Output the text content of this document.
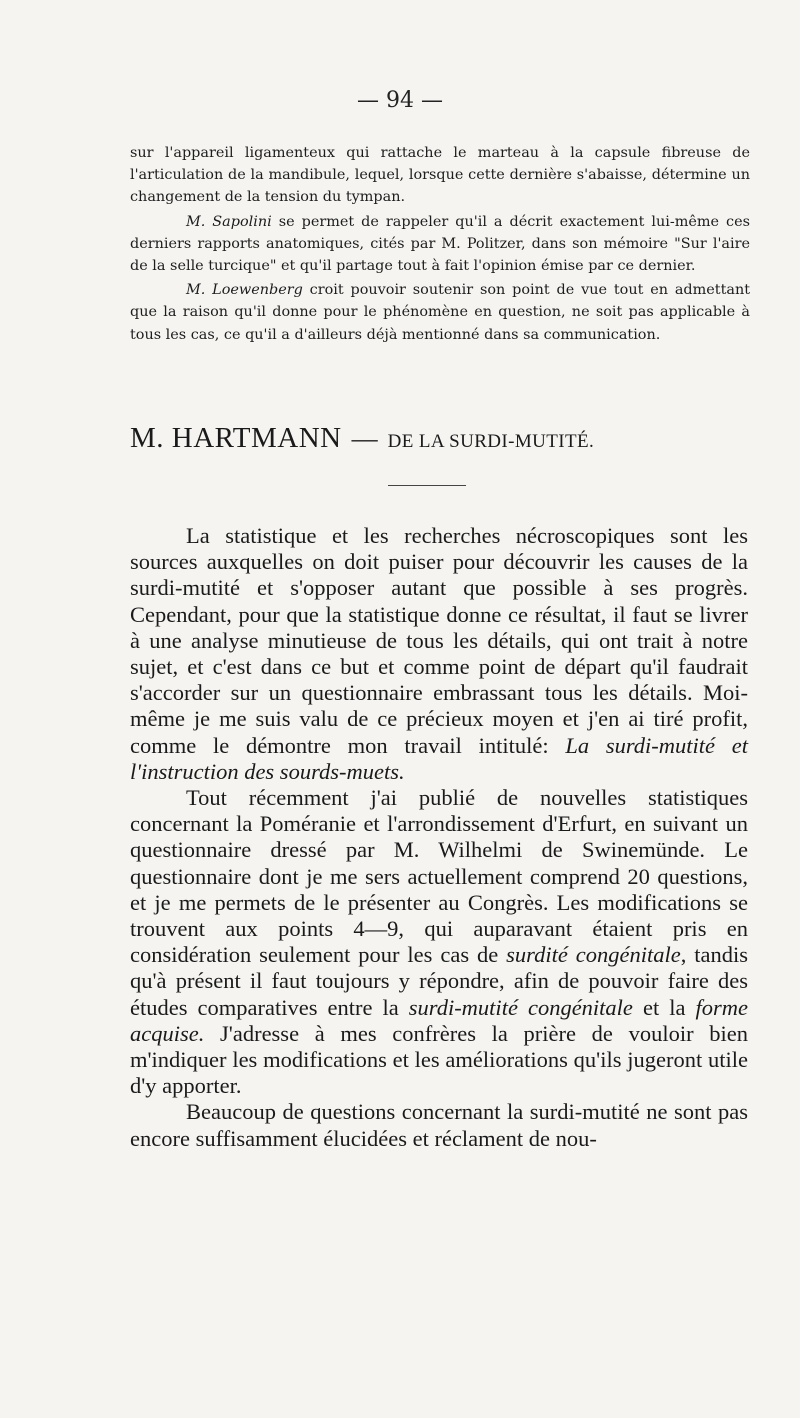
— 94 —

sur l'appareil ligamenteux qui rattache le marteau à la capsule fibreuse de l'articulation de la mandibule, lequel, lorsque cette dernière s'abaisse, détermine un changement de la tension du tympan.

M. Sapolini se permet de rappeler qu'il a décrit exactement lui-même ces derniers rapports anatomiques, cités par M. Politzer, dans son mémoire "Sur l'aire de la selle turcique" et qu'il partage tout à fait l'opinion émise par ce dernier.

M. Loewenberg croit pouvoir soutenir son point de vue tout en admettant que la raison qu'il donne pour le phénomène en question, ne soit pas applicable à tous les cas, ce qu'il a d'ailleurs déjà mentionné dans sa communication.

M. HARTMANN — DE LA SURDI-MUTITÉ.

La statistique et les recherches nécroscopiques sont les sources auxquelles on doit puiser pour découvrir les causes de la surdi-mutité et s'opposer autant que possible à ses progrès. Cependant, pour que la statistique donne ce résultat, il faut se livrer à une analyse minutieuse de tous les détails, qui ont trait à notre sujet, et c'est dans ce but et comme point de départ qu'il faudrait s'accorder sur un questionnaire embrassant tous les détails. Moi-même je me suis valu de ce précieux moyen et j'en ai tiré profit, comme le démontre mon travail intitulé: La surdi-mutité et l'instruction des sourds-muets.

Tout récemment j'ai publié de nouvelles statistiques concernant la Poméranie et l'arrondissement d'Erfurt, en suivant un questionnaire dressé par M. Wilhelmi de Swinemünde. Le questionnaire dont je me sers actuellement comprend 20 questions, et je me permets de le présenter au Congrès. Les modifications se trouvent aux points 4—9, qui auparavant étaient pris en considération seulement pour les cas de surdité congénitale, tandis qu'à présent il faut toujours y répondre, afin de pouvoir faire des études comparatives entre la surdi-mutité congénitale et la forme acquise. J'adresse à mes confrères la prière de vouloir bien m'indiquer les modifications et les améliorations qu'ils jugeront utile d'y apporter.

Beaucoup de questions concernant la surdi-mutité ne sont pas encore suffisamment élucidées et réclament de nou-
